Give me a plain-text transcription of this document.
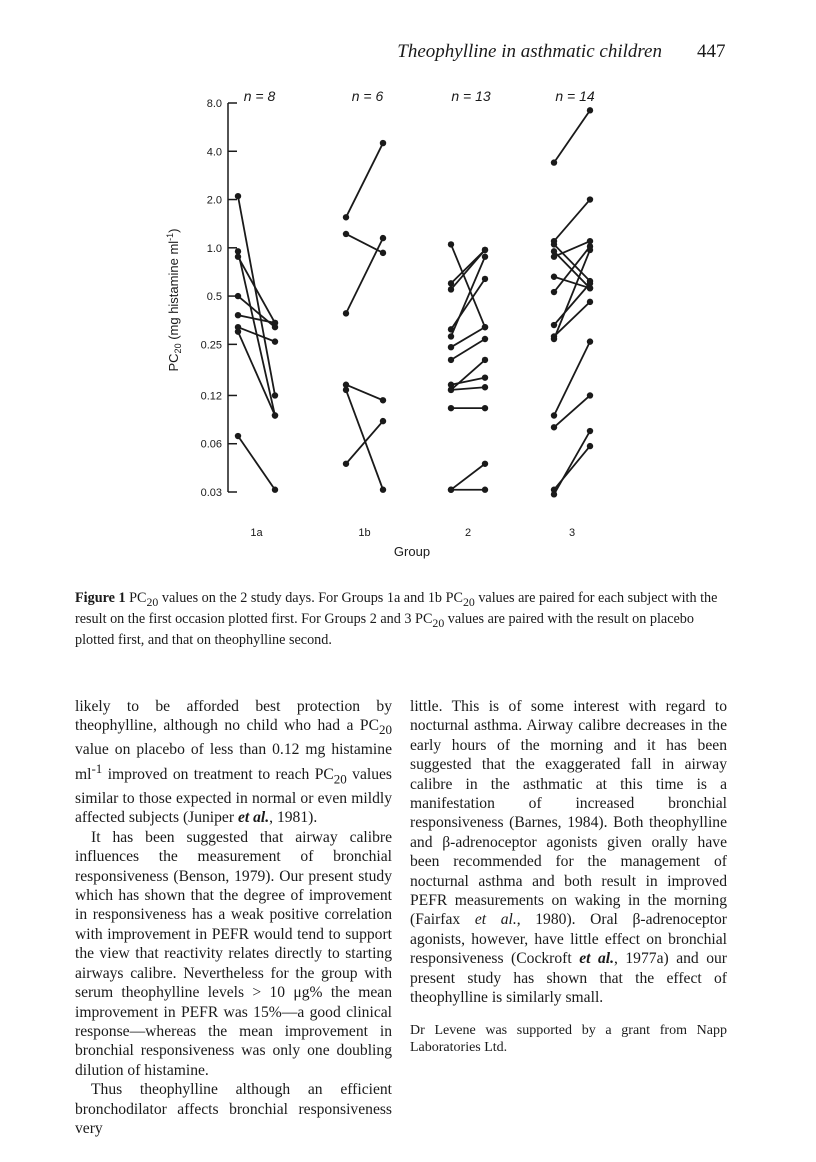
Theophylline in asthmatic children 447
8.0
4.0
2.0
1.0
0.5
0.25
0.12
0.06
0.03
n = 8
1a
n = 6
1b
n = 13
2
n = 14
3
Group
$PC_{20}$ (mg histamine $ml^{-1}$)
Figure 1 $PC_{20}$ values on the 2 study days. For Groups 1a and 1b $PC_{20}$ values are paired for each subject with the result on the first occasion plotted first. For Groups 2 and 3 $PC_{20}$ values are paired with the result on placebo plotted first, and that on theophylline second.

likely to be afforded best protection by theophylline, although no child who had a $PC_{20}$ value on placebo of less than 0.12 mg histamine $ml^{-1}$ improved on treatment to reach $PC_{20}$ values similar to those expected in normal or even mildly affected subjects (Juniper et al., 1981).

It has been suggested that airway calibre influences the measurement of bronchial responsiveness (Benson, 1979). Our present study which has shown that the degree of improvement in responsiveness has a weak positive correlation with improvement in PEFR would tend to support the view that reactivity relates directly to starting airways calibre. Nevertheless for the group with serum theophylline levels > 10 μg% the mean improvement in PEFR was 15%—a good clinical response—whereas the mean improvement in bronchial responsiveness was only one doubling dilution of histamine.

Thus theophylline although an efficient bronchodilator affects bronchial responsiveness very

little. This is of some interest with regard to nocturnal asthma. Airway calibre decreases in the early hours of the morning and it has been suggested that the exaggerated fall in airway calibre in the asthmatic at this time is a manifestation of increased bronchial responsiveness (Barnes, 1984). Both theophylline and β-adrenoceptor agonists given orally have been recommended for the management of nocturnal asthma and both result in improved PEFR measurements on waking in the morning (Fairfax et al., 1980). Oral β-adrenoceptor agonists, however, have little effect on bronchial responsiveness (Cockroft et al., 1977a) and our present study has shown that the effect of theophylline is similarly small.

Dr Levene was supported by a grant from Napp Laboratories Ltd.
